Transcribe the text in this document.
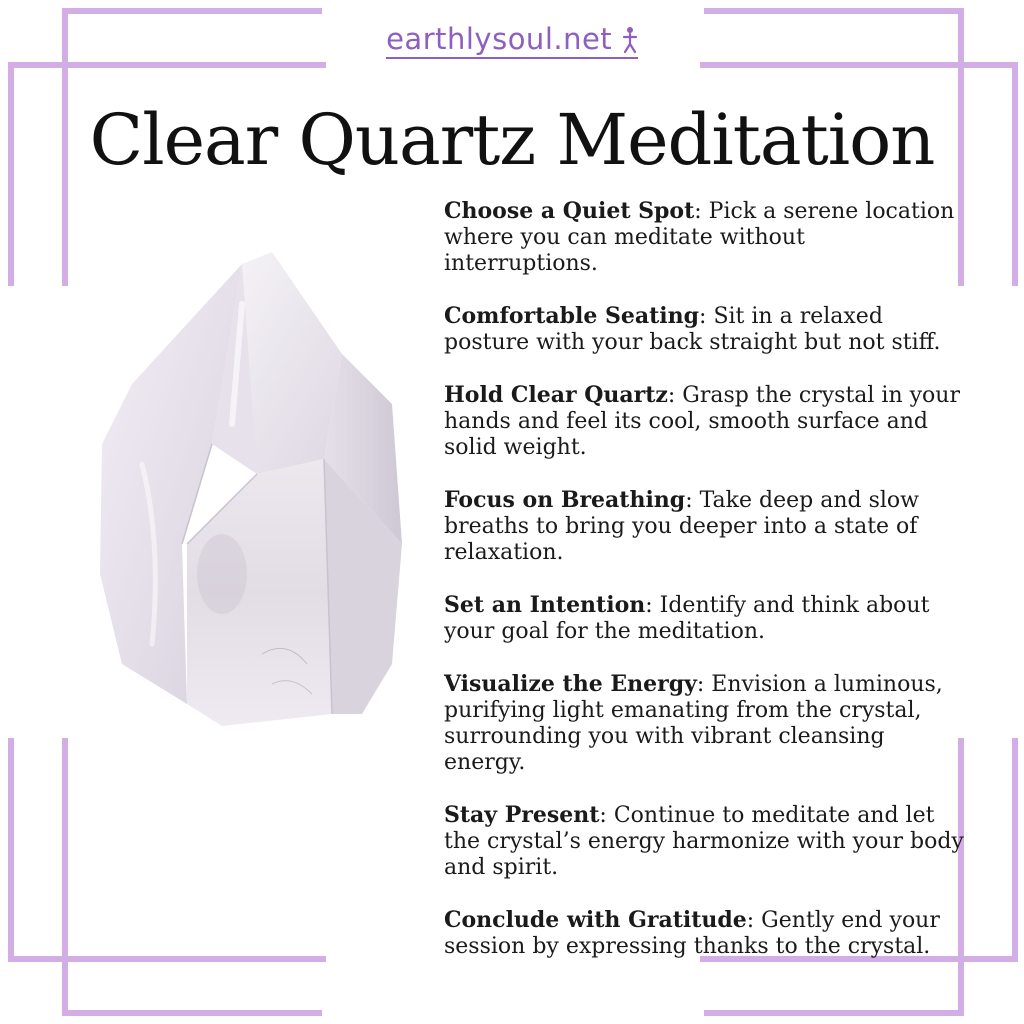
earthlysoul.net
Clear Quartz Meditation

Choose a Quiet Spot: Pick a serene location where you can meditate without interruptions.

Comfortable Seating: Sit in a relaxed posture with your back straight but not stiff.

Hold Clear Quartz: Grasp the crystal in your hands and feel its cool, smooth surface and solid weight.

Focus on Breathing: Take deep and slow breaths to bring you deeper into a state of relaxation.

Set an Intention: Identify and think about your goal for the meditation.

Visualize the Energy: Envision a luminous, purifying light emanating from the crystal, surrounding you with vibrant cleansing energy.

Stay Present: Continue to meditate and let the crystal’s energy harmonize with your body and spirit.

Conclude with Gratitude: Gently end your session by expressing thanks to the crystal.
